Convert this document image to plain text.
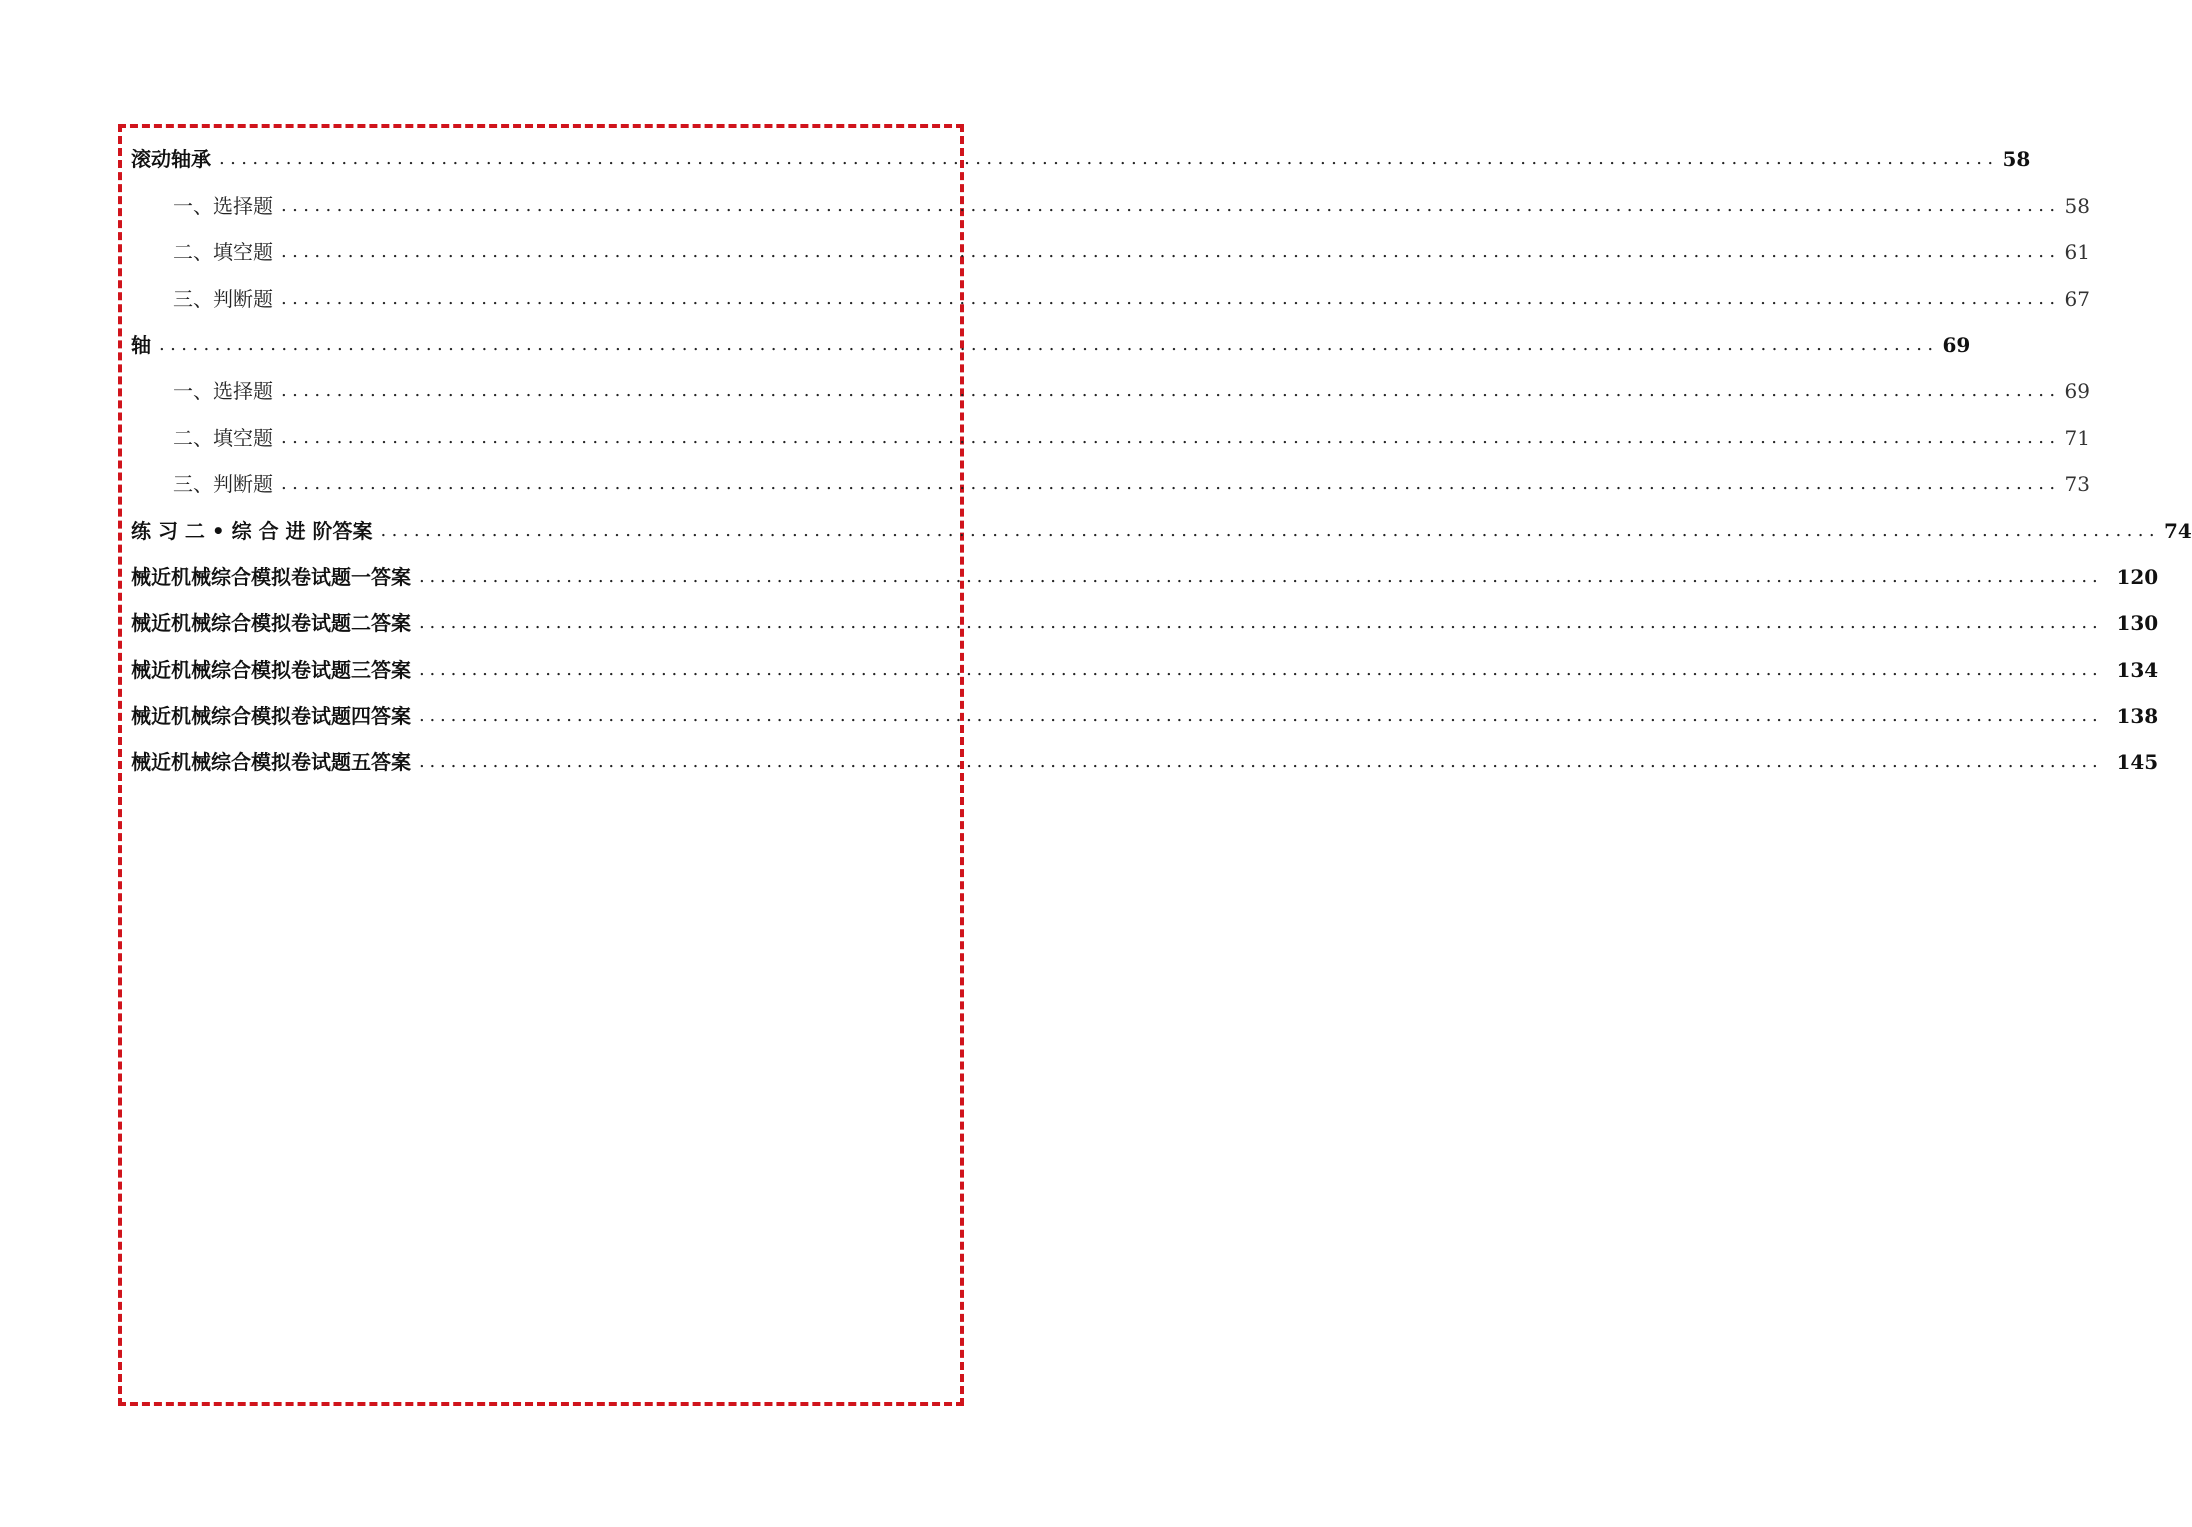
滚动轴承 ................................................................................................................................................................ 58
一、选择题 ................................................................................................................................................................ 58
二、填空题 ................................................................................................................................................................ 61
三、判断题 ................................................................................................................................................................ 67
轴 ................................................................................................................................................................ 69
一、选择题 ................................................................................................................................................................ 69
二、填空题 ................................................................................................................................................................ 71
三、判断题 ................................................................................................................................................................ 73
练 习 二 • 综 合 进 阶答案 ................................................................................................................................................................ 74
械近机械综合模拟卷试题一答案 ................................................................................................................................................................ 120
械近机械综合模拟卷试题二答案 ................................................................................................................................................................ 130
械近机械综合模拟卷试题三答案 ................................................................................................................................................................ 134
械近机械综合模拟卷试题四答案 ................................................................................................................................................................ 138
械近机械综合模拟卷试题五答案 ................................................................................................................................................................ 145
